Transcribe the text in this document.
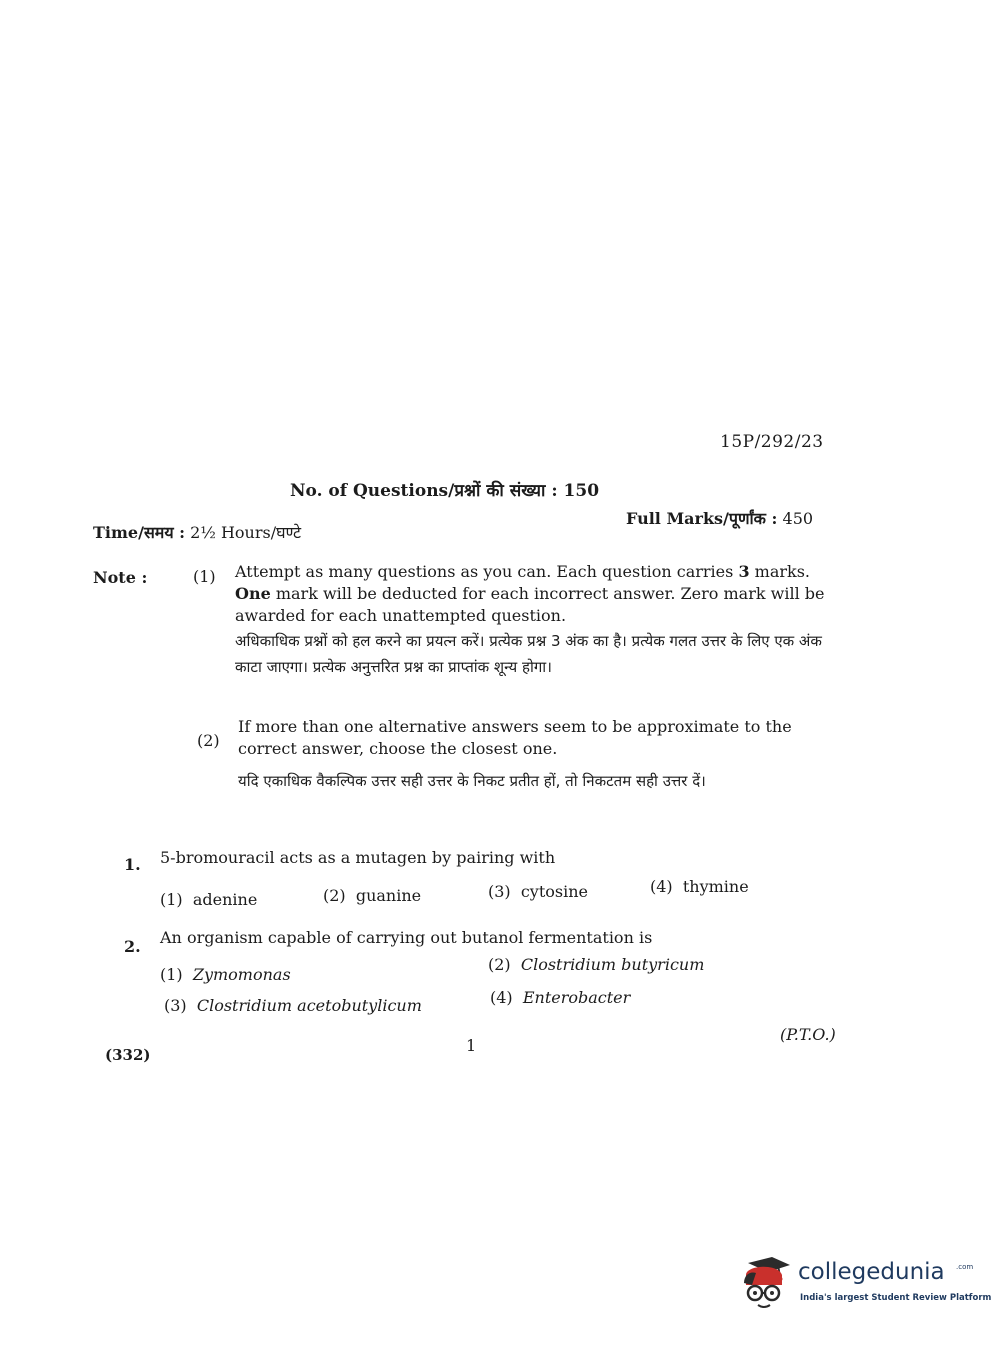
15P/292/23
No. of Questions/प्रश्नों की संख्या : 150
Time/समय : 2½ Hours/घण्टे
Full Marks/पूर्णांक : 450
Note :	(1) Attempt as many questions as you can. Each question carries 3 marks. One mark will be deducted for each incorrect answer. Zero mark will be awarded for each unattempted question.
अधिकाधिक प्रश्नों को हल करने का प्रयत्न करें। प्रत्येक प्रश्न 3 अंक का है। प्रत्येक गलत उत्तर के लिए एक अंक काटा जाएगा। प्रत्येक अनुत्तरित प्रश्न का प्राप्तांक शून्य होगा।
(2)
If more than one alternative answers seem to be approximate to the correct answer, choose the closest one.
यदि एकाधिक वैकल्पिक उत्तर सही उत्तर के निकट प्रतीत हों, तो निकटतम सही उत्तर दें।
1. 5-bromouracil acts as a mutagen by pairing with
(1) adenine	(2) guanine	(3) cytosine	(4) thymine
2. An organism capable of carrying out butanol fermentation is
(1) Zymomonas
(2) Clostridium butyricum
(3) Clostridium acetobutylicum	(4) Enterobacter
1
(P.T.O.)
(332)
collegedunia .com
India's largest Student Review Platform
